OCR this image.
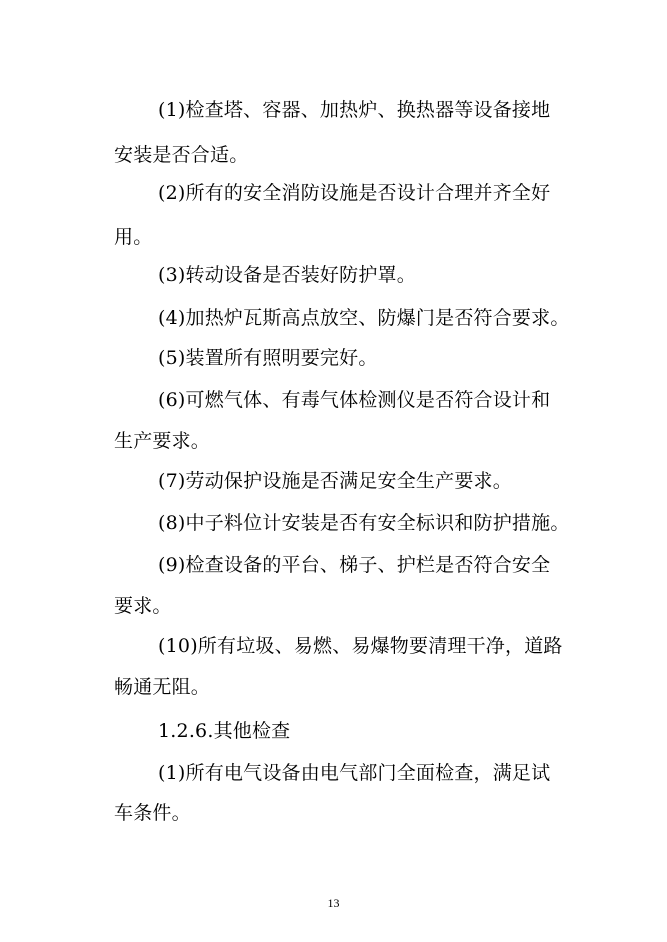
(1)检查塔、容器、加热炉、换热器等设备接地
安装是否合适。
(2)所有的安全消防设施是否设计合理并齐全好
用。
(3)转动设备是否装好防护罩。
(4)加热炉瓦斯高点放空、防爆门是否符合要求。
(5)装置所有照明要完好。
(6)可燃气体、有毒气体检测仪是否符合设计和
生产要求。
(7)劳动保护设施是否满足安全生产要求。
(8)中子料位计安装是否有安全标识和防护措施。
(9)检查设备的平台、梯子、护栏是否符合安全
要求。
(10)所有垃圾、易燃、易爆物要清理干净，道路
畅通无阻。
1.2.6.其他检查
(1)所有电气设备由电气部门全面检查，满足试
车条件。
13
